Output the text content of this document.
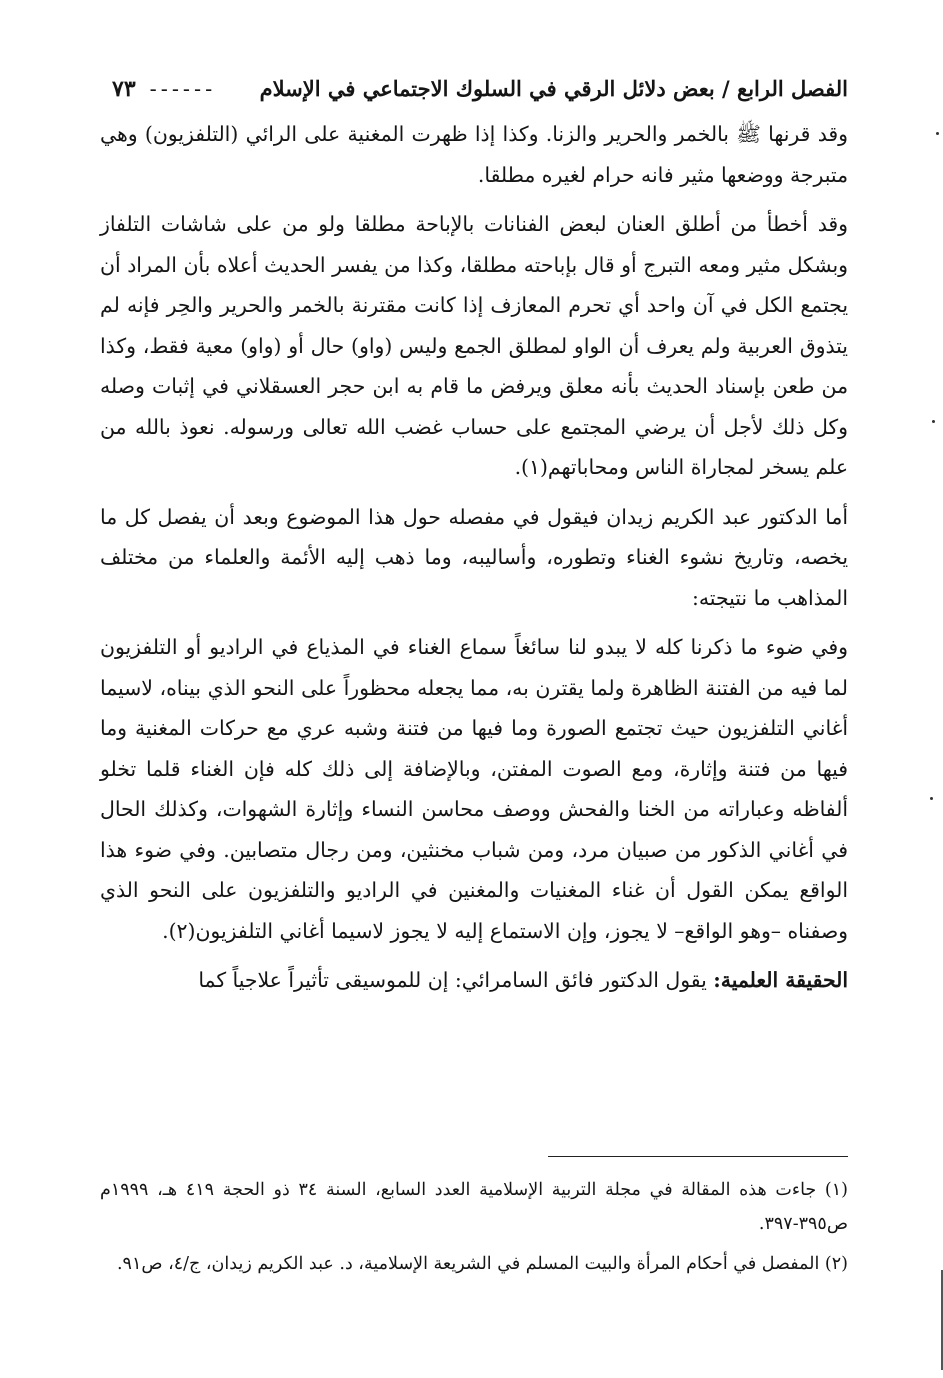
الفصل الرابع / بعض دلائل الرقي في السلوك الاجتماعي في الإسلام
------
٧٣

وقد قرنها ﷺ بالخمر والحرير والزنا. وكذا إذا ظهرت المغنية على الرائي (التلفزيون) وهي متبرجة ووضعها مثير فانه حرام لغيره مطلقا.

وقد أخطأ من أطلق العنان لبعض الفنانات بالإباحة مطلقا ولو من على شاشات التلفاز وبشكل مثير ومعه التبرج أو قال بإباحته مطلقا، وكذا من يفسر الحديث أعلاه بأن المراد أن يجتمع الكل في آن واحد أي تحرم المعازف إذا كانت مقترنة بالخمر والحرير والحِر فإنه لم يتذوق العربية ولم يعرف أن الواو لمطلق الجمع وليس (واو) حال أو (واو) معية فقط، وكذا من طعن بإسناد الحديث بأنه معلق ويرفض ما قام به ابن حجر العسقلاني في إثبات وصله وكل ذلك لأجل أن يرضي المجتمع على حساب غضب الله تعالى ورسوله. نعوذ بالله من علم يسخر لمجاراة الناس ومحاباتهم(١).

أما الدكتور عبد الكريم زيدان فيقول في مفصله حول هذا الموضوع وبعد أن يفصل كل ما يخصه، وتاريخ نشوء الغناء وتطوره، وأساليبه، وما ذهب إليه الأئمة والعلماء من مختلف المذاهب ما نتيجته:

وفي ضوء ما ذكرنا كله لا يبدو لنا سائغاً سماع الغناء في المذياع في الراديو أو التلفزيون لما فيه من الفتنة الظاهرة ولما يقترن به، مما يجعله محظوراً على النحو الذي بيناه، لاسيما أغاني التلفزيون حيث تجتمع الصورة وما فيها من فتنة وشبه عري مع حركات المغنية وما فيها من فتنة وإثارة، ومع الصوت المفتن، وبالإضافة إلى ذلك كله فإن الغناء قلما تخلو ألفاظه وعباراته من الخنا والفحش ووصف محاسن النساء وإثارة الشهوات، وكذلك الحال في أغاني الذكور من صبيان مرد، ومن شباب مخنثين، ومن رجال متصابين. وفي ضوء هذا الواقع يمكن القول أن غناء المغنيات والمغنين في الراديو والتلفزيون على النحو الذي وصفناه –وهو الواقع– لا يجوز، وإن الاستماع إليه لا يجوز لاسيما أغاني التلفزيون(٢).

الحقيقة العلمية: يقول الدكتور فائق السامرائي: إن للموسيقى تأثيراً علاجياً كما

(١) جاءت هذه المقالة في مجلة التربية الإسلامية العدد السابع، السنة ٣٤ ذو الحجة ٤١٩ هـ، ١٩٩٩م ص٣٩٥-٣٩٧.

(٢) المفصل في أحكام المرأة والبيت المسلم في الشريعة الإسلامية، د. عبد الكريم زيدان، ج/٤، ص٩١.
